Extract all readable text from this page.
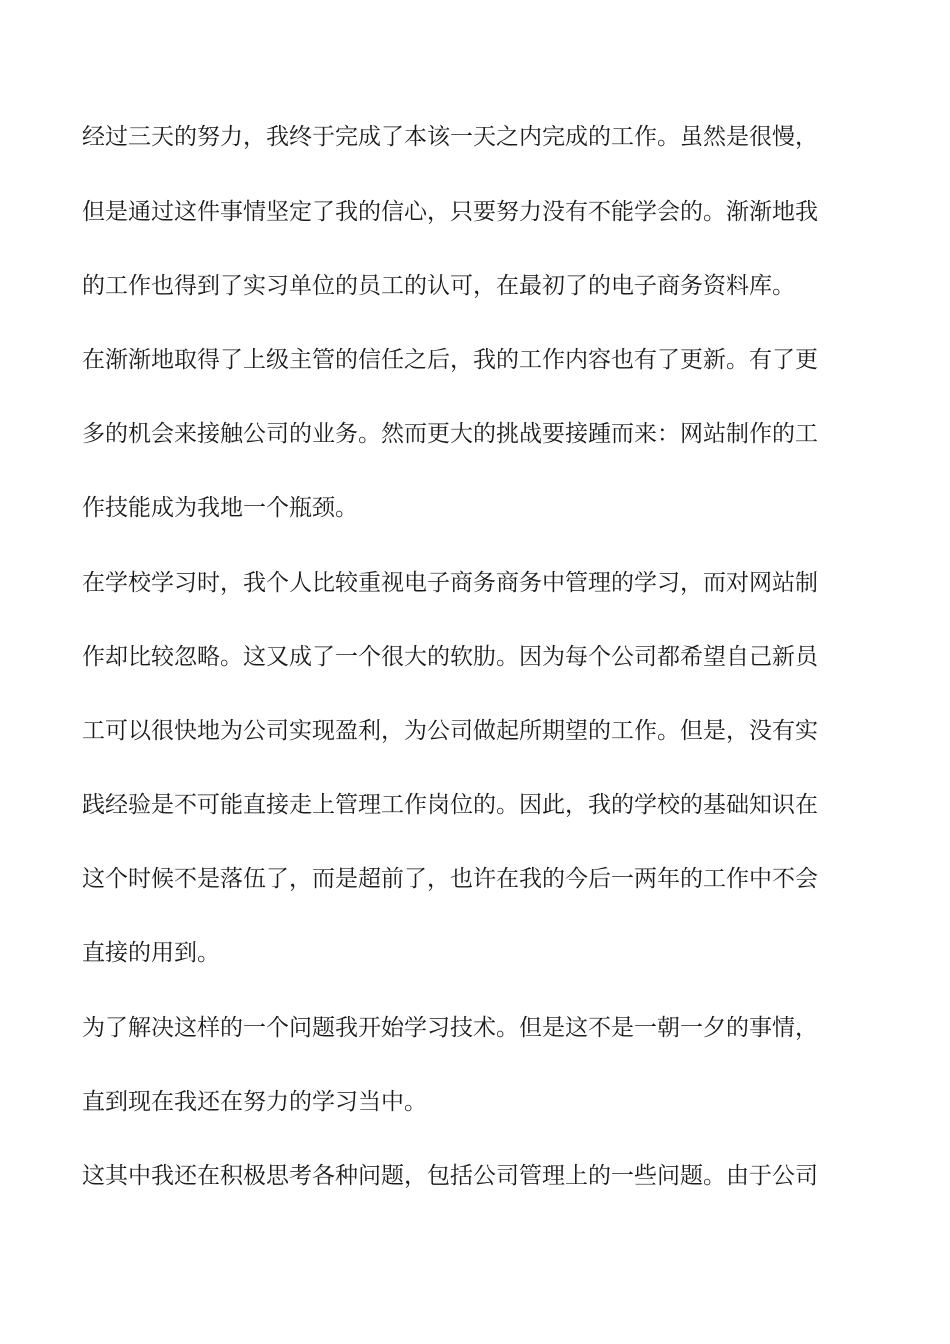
经过三天的努力，我终于完成了本该一天之内完成的工作。虽然是很慢，
但是通过这件事情坚定了我的信心，只要努力没有不能学会的。渐渐地我
的工作也得到了实习单位的员工的认可，在最初了的电子商务资料库。
在渐渐地取得了上级主管的信任之后，我的工作内容也有了更新。有了更
多的机会来接触公司的业务。然而更大的挑战要接踵而来：网站制作的工
作技能成为我地一个瓶颈。
在学校学习时，我个人比较重视电子商务商务中管理的学习，而对网站制
作却比较忽略。这又成了一个很大的软肋。因为每个公司都希望自己新员
工可以很快地为公司实现盈利，为公司做起所期望的工作。但是，没有实
践经验是不可能直接走上管理工作岗位的。因此，我的学校的基础知识在
这个时候不是落伍了，而是超前了，也许在我的今后一两年的工作中不会
直接的用到。
为了解决这样的一个问题我开始学习技术。但是这不是一朝一夕的事情，
直到现在我还在努力的学习当中。
这其中我还在积极思考各种问题，包括公司管理上的一些问题。由于公司
